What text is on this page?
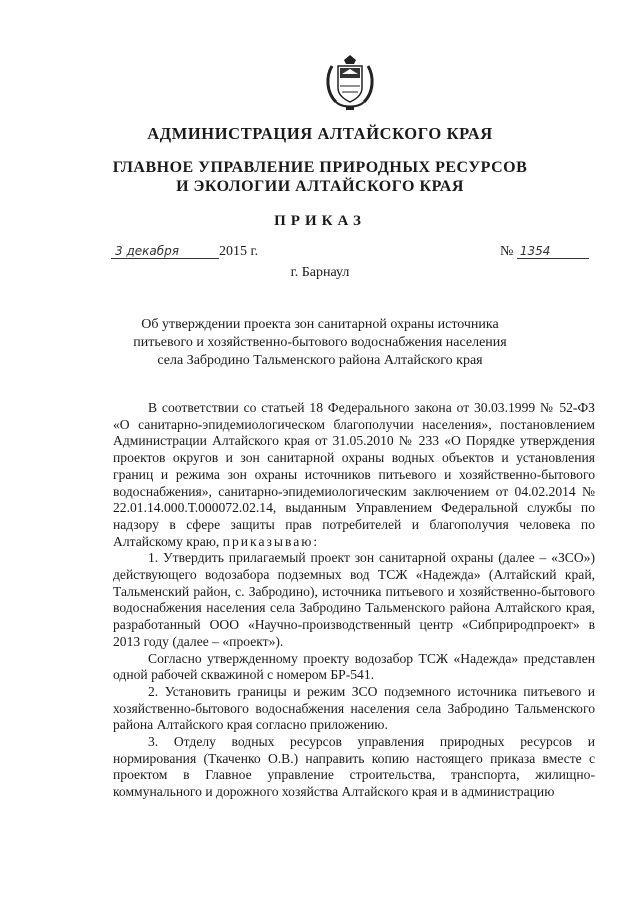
АДМИНИСТРАЦИЯ АЛТАЙСКОГО КРАЯ
ГЛАВНОЕ УПРАВЛЕНИЕ ПРИРОДНЫХ РЕСУРСОВ
И ЭКОЛОГИИ АЛТАЙСКОГО КРАЯ
ПРИКАЗ
3 декабря	2015 г.	№ 1354
г. Барнаул
Об утверждении проекта зон санитарной охраны источника
питьевого и хозяйственно-бытового водоснабжения населения
села Забродино Тальменского района Алтайского края

В соответствии со статьей 18 Федерального закона от 30.03.1999 № 52-ФЗ «О санитарно-эпидемиологическом благополучии населения», постановлением Администрации Алтайского края от 31.05.2010 № 233 «О Порядке утверждения проектов округов и зон санитарной охраны водных объектов и установления границ и режима зон охраны источников питьевого и хозяйственно-бытового водоснабжения», санитарно-эпидемиологическим заключением от 04.02.2014 № 22.01.14.000.Т.000072.02.14, выданным Управлением Федеральной службы по надзору в сфере защиты прав потребителей и благополучия человека по Алтайскому краю, приказываю:

1. Утвердить прилагаемый проект зон санитарной охраны (далее – «ЗСО») действующего водозабора подземных вод ТСЖ «Надежда» (Алтайский край, Тальменский район, с. Забродино), источника питьевого и хозяйственно-бытового водоснабжения населения села Забродино Тальменского района Алтайского края, разработанный ООО «Научно-производственный центр «Сибприродпроект» в 2013 году (далее – «проект»).

Согласно утвержденному проекту водозабор ТСЖ «Надежда» представлен одной рабочей скважиной с номером БР-541.

2. Установить границы и режим ЗСО подземного источника питьевого и хозяйственно-бытового водоснабжения населения села Забродино Тальменского района Алтайского края согласно приложению.

3. Отделу водных ресурсов управления природных ресурсов и нормирования (Ткаченко О.В.) направить копию настоящего приказа вместе с проектом в Главное управление строительства, транспорта, жилищно-коммунального и дорожного хозяйства Алтайского края и в администрацию
